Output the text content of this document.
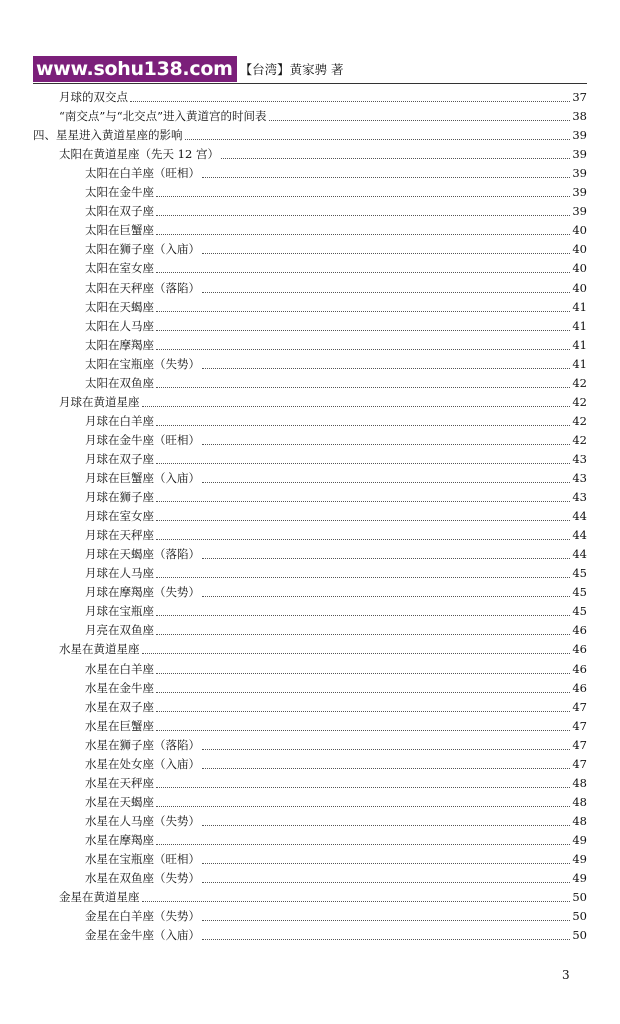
www.sohu138.com 【台湾】黄家骋 著
月球的双交点	37
“南交点”与“北交点”进入黄道宫的时间表	38
四、星星进入黄道星座的影响	39
太阳在黄道星座（先天 12 宫）	39
太阳在白羊座（旺相）	39
太阳在金牛座	39
太阳在双子座	39
太阳在巨蟹座	40
太阳在狮子座（入庙）	40
太阳在室女座	40
太阳在天秤座（落陷）	40
太阳在天蝎座	41
太阳在人马座	41
太阳在摩羯座	41
太阳在宝瓶座（失势）	41
太阳在双鱼座	42
月球在黄道星座	42
月球在白羊座	42
月球在金牛座（旺相）	42
月球在双子座	43
月球在巨蟹座（入庙）	43
月球在狮子座	43
月球在室女座	44
月球在天秤座	44
月球在天蝎座（落陷）	44
月球在人马座	45
月球在摩羯座（失势）	45
月球在宝瓶座	45
月亮在双鱼座	46
水星在黄道星座	46
水星在白羊座	46
水星在金牛座	46
水星在双子座	47
水星在巨蟹座	47
水星在狮子座（落陷）	47
水星在处女座（入庙）	47
水星在天秤座	48
水星在天蝎座	48
水星在人马座（失势）	48
水星在摩羯座	49
水星在宝瓶座（旺相）	49
水星在双鱼座（失势）	49
金星在黄道星座	50
金星在白羊座（失势）	50
金星在金牛座（入庙）	50
3
